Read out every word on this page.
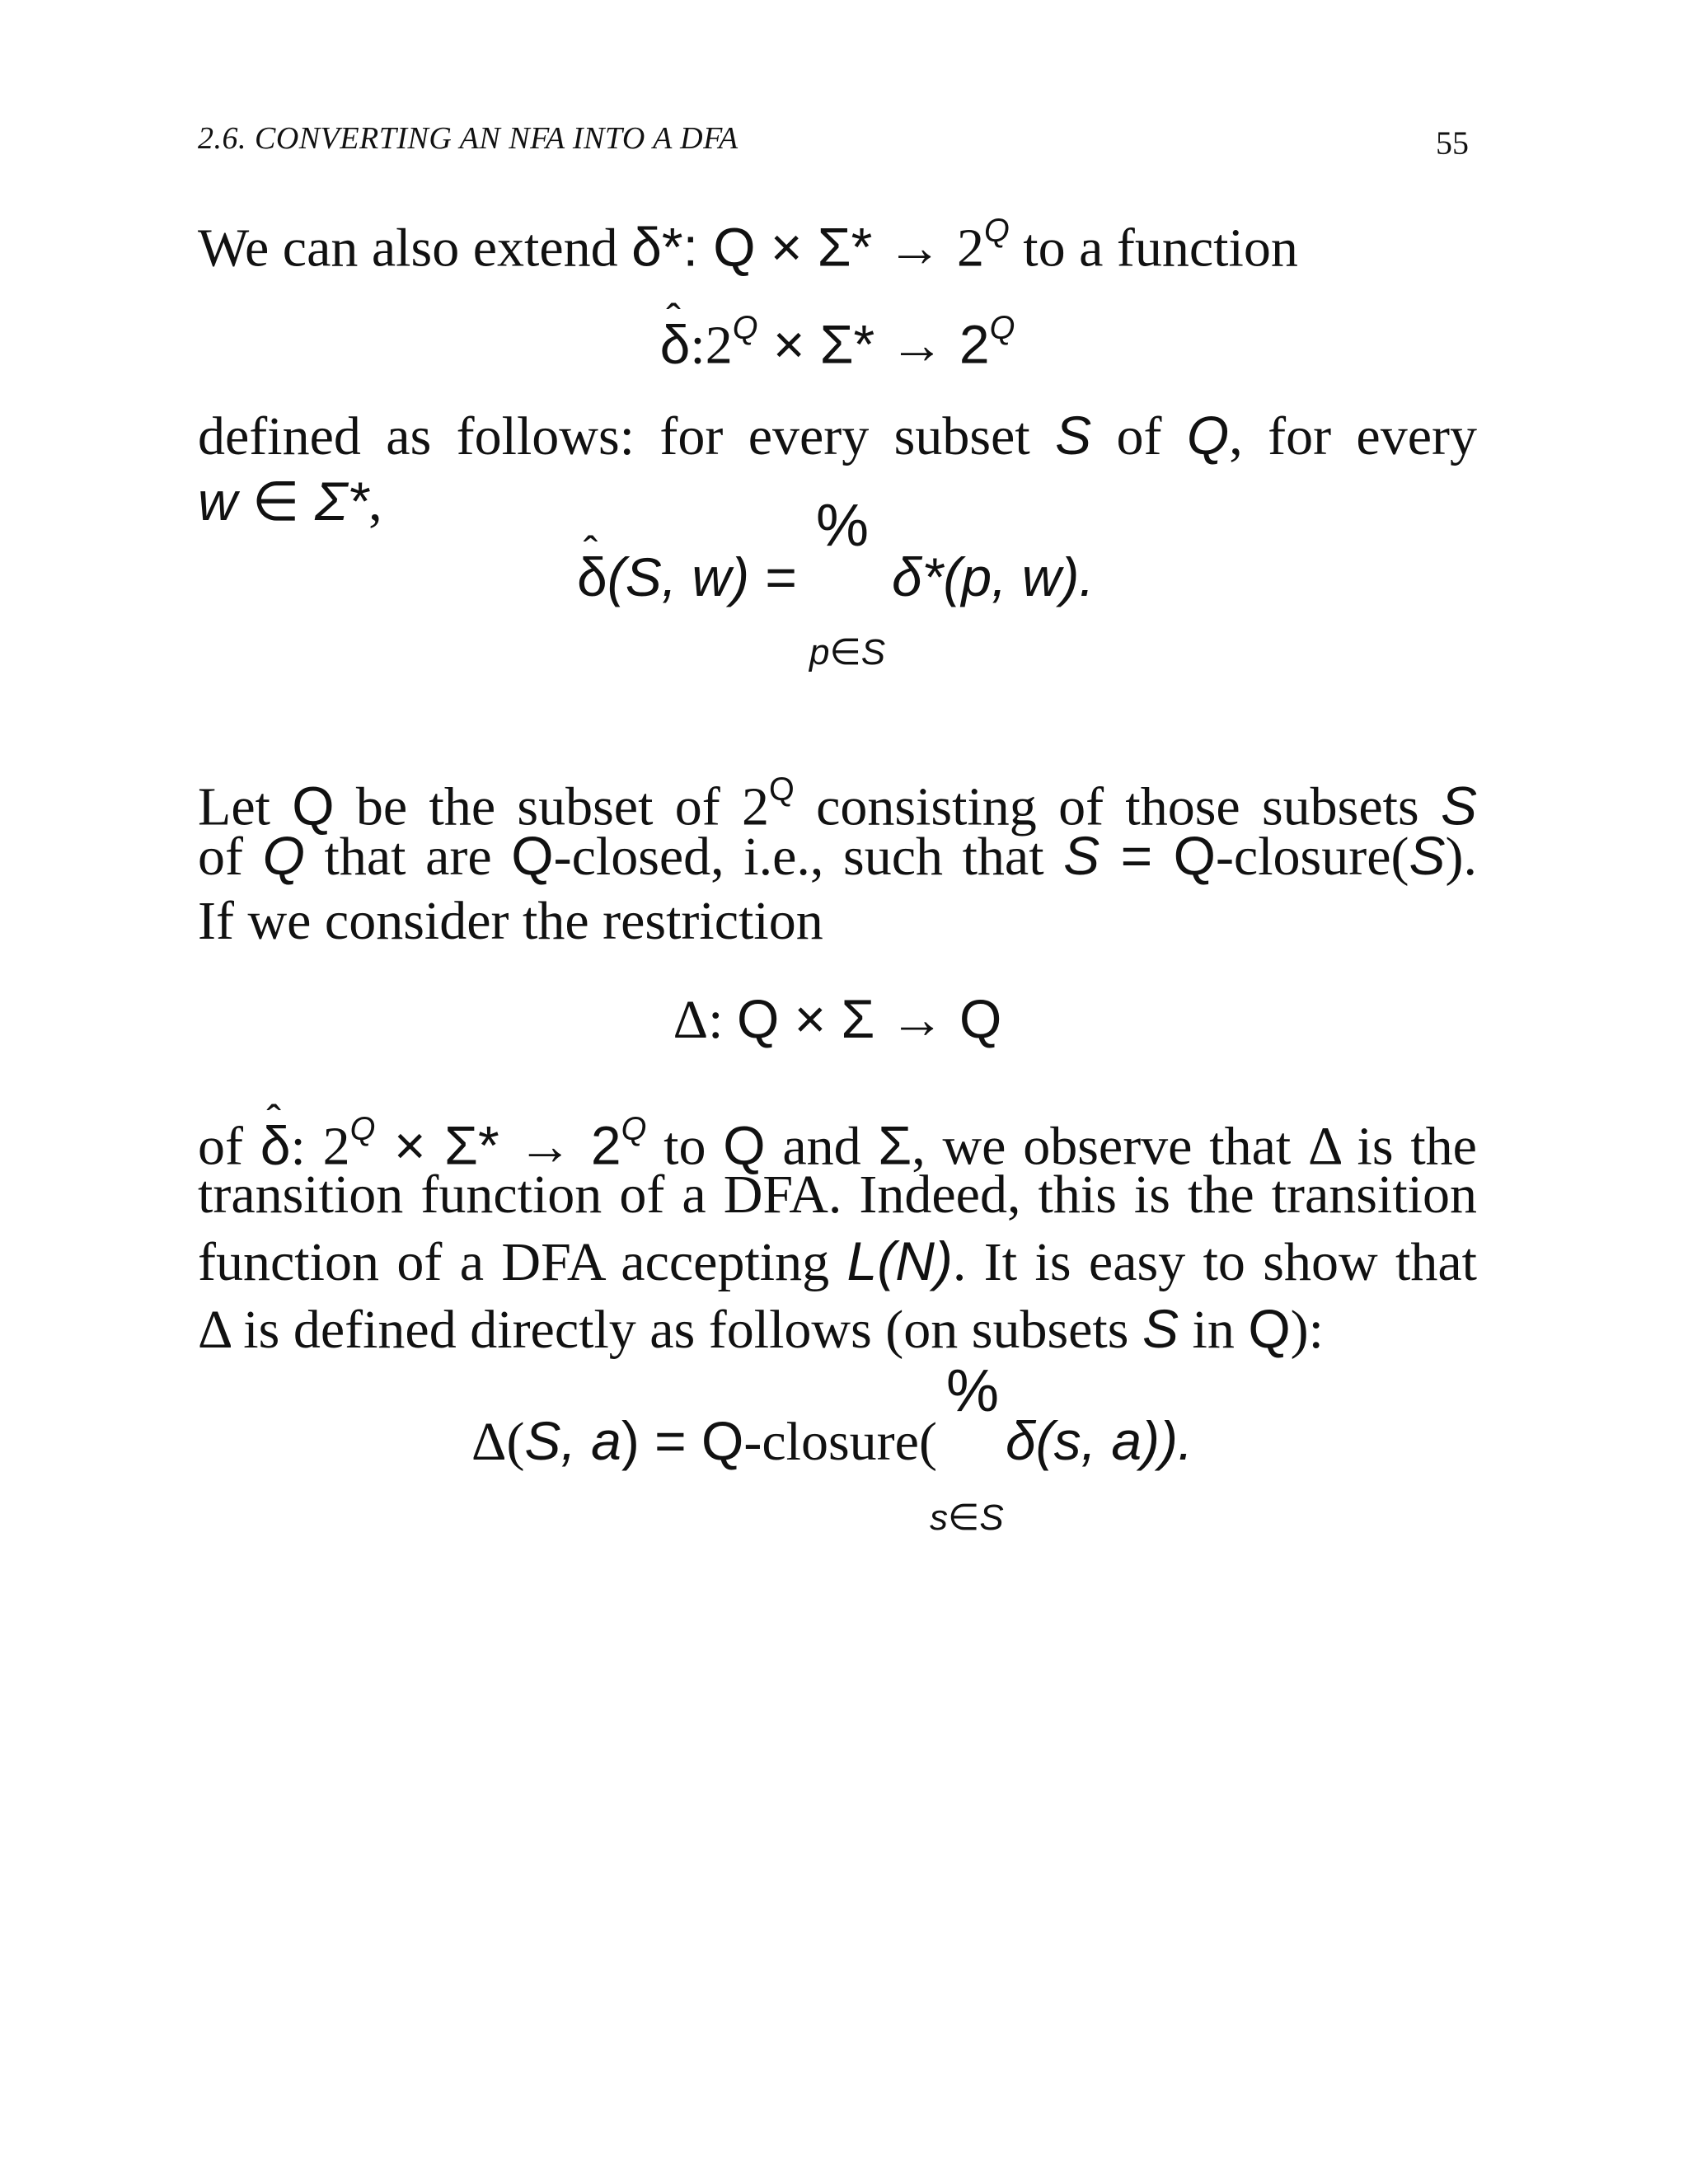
2.6. CONVERTING AN NFA INTO A DFA	55
We can also extend δ*: $Q \times \Sigma* \to 2^Q$ to a function
ˆ $\delta:2^Q \times \Sigma* \to 2^Q$
defined as follows: for every subset S of Q, for every
w ∈ Σ*,	%
ˆ δ(S, w) = δ*(p, w).
p∈S
Let Q be the subset of $2^Q$ consisting of those subsets S
of Q that are Q-closed, i.e., such that S = Q-closure(S).
If we consider the restriction
Δ: Q × Σ → Q
of ˆ δ: $2^Q \times \Sigma* \to 2^Q$ to Q and Σ, we observe that Δ is the
transition function of a DFA. Indeed, this is the transition
function of a DFA accepting L(N). It is easy to show that
Δ is defined directly as follows (on subsets S in Q):
%
Δ(S, a) = Q-closure( δ(s, a)).
s∈S
